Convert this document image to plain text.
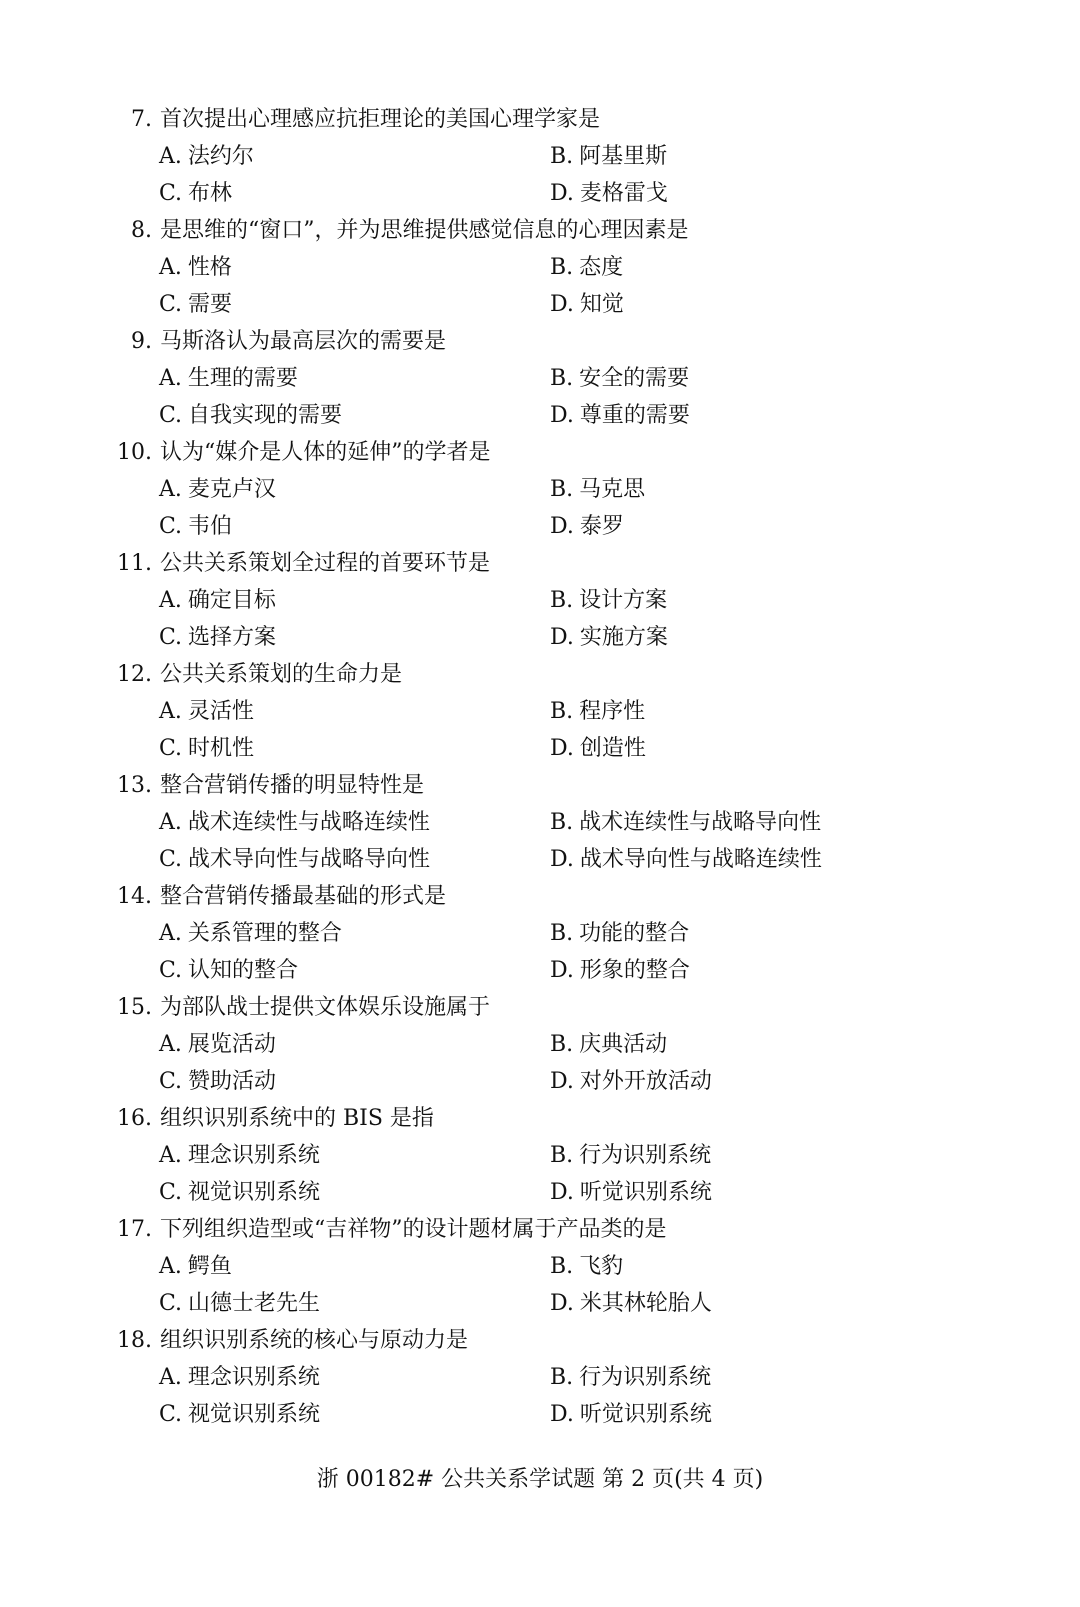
7. 首次提出心理感应抗拒理论的美国心理学家是
A. 法约尔	B. 阿基里斯
C. 布林	D. 麦格雷戈
8. 是思维的“窗口”，并为思维提供感觉信息的心理因素是
A. 性格	B. 态度
C. 需要	D. 知觉
9. 马斯洛认为最高层次的需要是
A. 生理的需要	B. 安全的需要
C. 自我实现的需要	D. 尊重的需要
10. 认为“媒介是人体的延伸”的学者是
A. 麦克卢汉	B. 马克思
C. 韦伯	D. 泰罗
11. 公共关系策划全过程的首要环节是
A. 确定目标	B. 设计方案
C. 选择方案	D. 实施方案
12. 公共关系策划的生命力是
A. 灵活性	B. 程序性
C. 时机性	D. 创造性
13. 整合营销传播的明显特性是
A. 战术连续性与战略连续性	B. 战术连续性与战略导向性
C. 战术导向性与战略导向性	D. 战术导向性与战略连续性
14. 整合营销传播最基础的形式是
A. 关系管理的整合	B. 功能的整合
C. 认知的整合	D. 形象的整合
15. 为部队战士提供文体娱乐设施属于
A. 展览活动	B. 庆典活动
C. 赞助活动	D. 对外开放活动
16. 组织识别系统中的 BIS 是指
A. 理念识别系统	B. 行为识别系统
C. 视觉识别系统	D. 听觉识别系统
17. 下列组织造型或“吉祥物”的设计题材属于产品类的是
A. 鳄鱼	B. 飞豹
C. 山德士老先生	D. 米其林轮胎人
18. 组织识别系统的核心与原动力是
A. 理念识别系统	B. 行为识别系统
C. 视觉识别系统	D. 听觉识别系统
浙 00182# 公共关系学试题 第 2 页(共 4 页)
